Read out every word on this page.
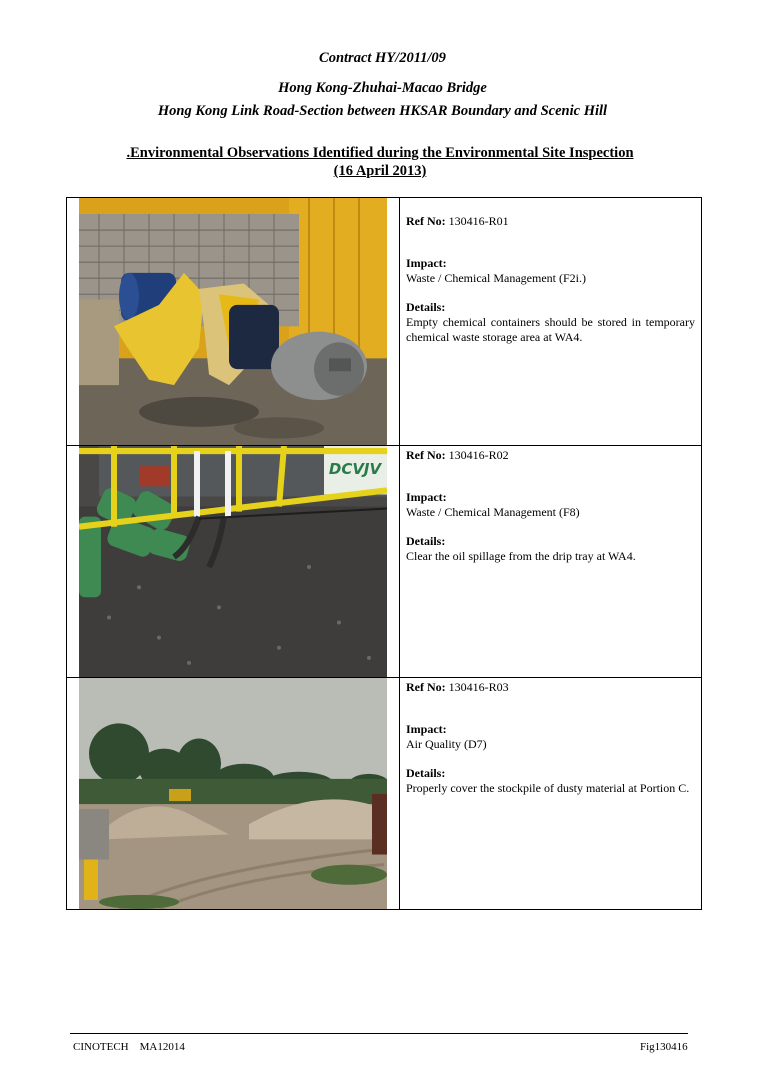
Contract HY/2011/09
Hong Kong-Zhuhai-Macao Bridge
Hong Kong Link Road-Section between HKSAR Boundary and Scenic Hill
.Environmental Observations Identified during the Environmental Site Inspection
(16 April 2013)

Ref No: 130416-R01

Impact:

Waste / Chemical Management (F2i.)

Details:

Empty chemical containers should be stored in temporary chemical waste storage area at WA4.

DCVJV	Ref No: 130416-R02

Impact:

Waste / Chemical Management (F8)

Details:

Clear the oil spillage from the drip tray at WA4.

Ref No: 130416-R03

Impact:

Air Quality (D7)

Details:

Properly cover the stockpile of dusty material at Portion C.

CINOTECH    MA12014	Fig130416
